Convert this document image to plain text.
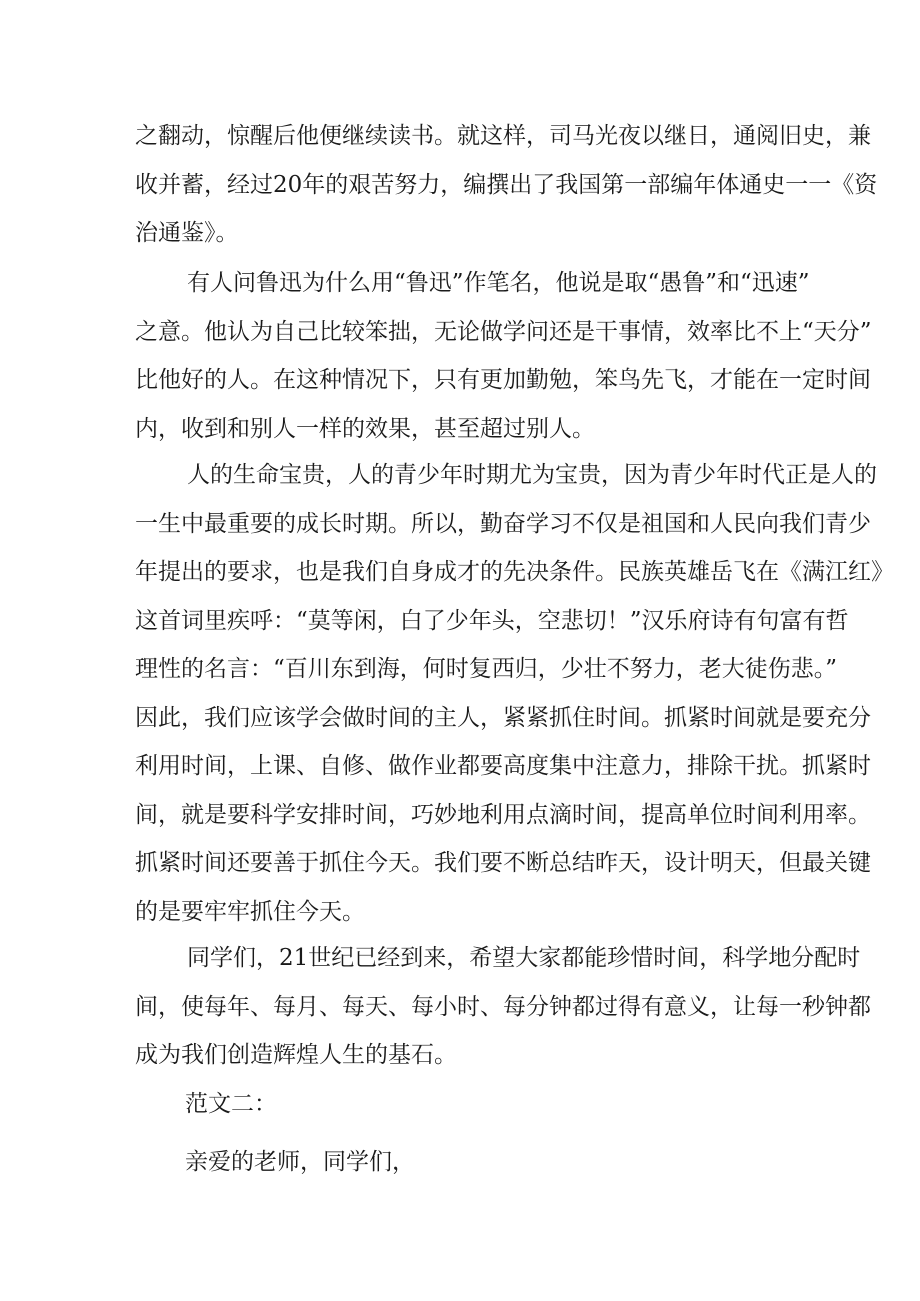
之翻动，惊醒后他便继续读书。就这样，司马光夜以继日，通阅旧史，兼
收并蓄，经过20年的艰苦努力，编撰出了我国第一部编年体通史一一《资
治通鉴》。
有人问鲁迅为什么用“鲁迅”作笔名，他说是取“愚鲁”和“迅速”
之意。他认为自己比较笨拙，无论做学问还是干事情，效率比不上“天分”
比他好的人。在这种情况下，只有更加勤勉，笨鸟先飞，才能在一定时间
内，收到和别人一样的效果，甚至超过别人。
人的生命宝贵，人的青少年时期尤为宝贵，因为青少年时代正是人的
一生中最重要的成长时期。所以，勤奋学习不仅是祖国和人民向我们青少
年提出的要求，也是我们自身成才的先决条件。民族英雄岳飞在《满江红》
这首词里疾呼：“莫等闲，白了少年头，空悲切！”汉乐府诗有句富有哲
理性的名言：“百川东到海，何时复西归，少壮不努力，老大徒伤悲。”
因此，我们应该学会做时间的主人，紧紧抓住时间。抓紧时间就是要充分
利用时间，上课、自修、做作业都要高度集中注意力，排除干扰。抓紧时
间，就是要科学安排时间，巧妙地利用点滴时间，提高单位时间利用率。
抓紧时间还要善于抓住今天。我们要不断总结昨天，设计明天，但最关键
的是要牢牢抓住今天。
同学们，21世纪已经到来，希望大家都能珍惜时间，科学地分配时
间，使每年、每月、每天、每小时、每分钟都过得有意义，让每一秒钟都
成为我们创造辉煌人生的基石。
范文二：
亲爱的老师，同学们，
